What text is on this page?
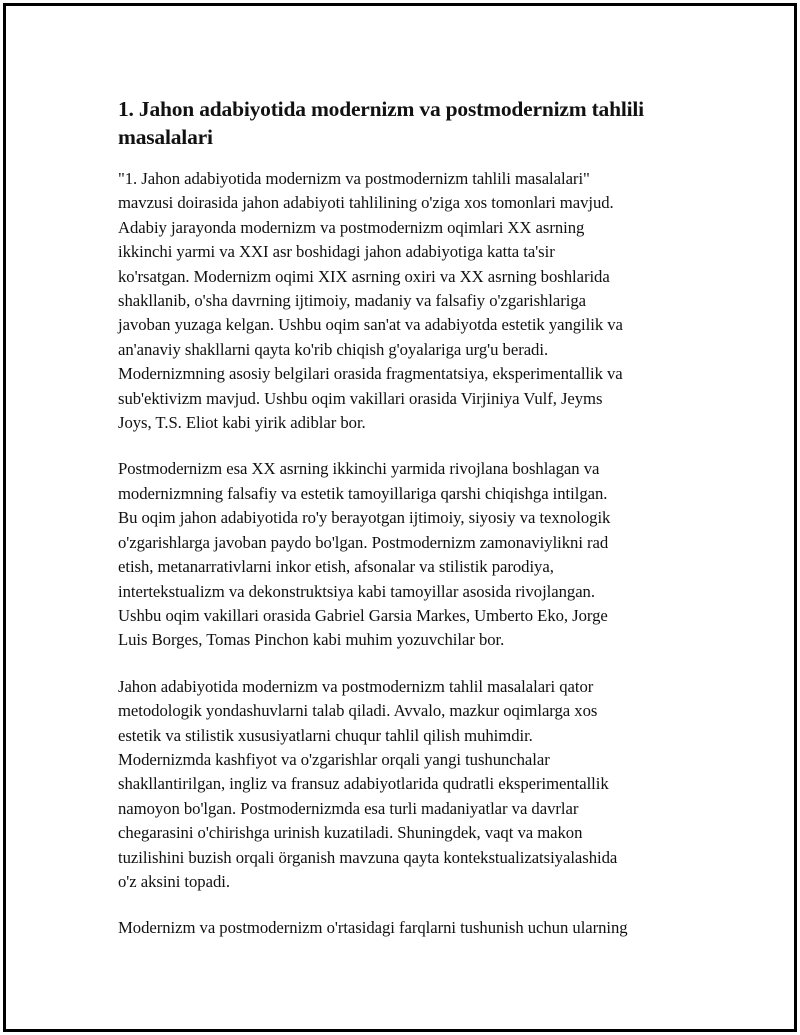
1. Jahon adabiyotida modernizm va postmodernizm tahlili masalalari

"1. Jahon adabiyotida modernizm va postmodernizm tahlili masalalari"
mavzusi doirasida jahon adabiyoti tahlilining o'ziga xos tomonlari mavjud.
Adabiy jarayonda modernizm va postmodernizm oqimlari XX asrning
ikkinchi yarmi va XXI asr boshidagi jahon adabiyotiga katta ta'sir
ko'rsatgan. Modernizm oqimi XIX asrning oxiri va XX asrning boshlarida
shakllanib, o'sha davrning ijtimoiy, madaniy va falsafiy o'zgarishlariga
javoban yuzaga kelgan. Ushbu oqim san'at va adabiyotda estetik yangilik va
an'anaviy shakllarni qayta ko'rib chiqish g'oyalariga urg'u beradi.
Modernizmning asosiy belgilari orasida fragmentatsiya, eksperimentallik va
sub'ektivizm mavjud. Ushbu oqim vakillari orasida Virjiniya Vulf, Jeyms
Joys, T.S. Eliot kabi yirik adiblar bor.

Postmodernizm esa XX asrning ikkinchi yarmida rivojlana boshlagan va
modernizmning falsafiy va estetik tamoyillariga qarshi chiqishga intilgan.
Bu oqim jahon adabiyotida ro'y berayotgan ijtimoiy, siyosiy va texnologik
o'zgarishlarga javoban paydo bo'lgan. Postmodernizm zamonaviylikni rad
etish, metanarrativlarni inkor etish, afsonalar va stilistik parodiya,
intertekstualizm va dekonstruktsiya kabi tamoyillar asosida rivojlangan.
Ushbu oqim vakillari orasida Gabriel Garsia Markes, Umberto Eko, Jorge
Luis Borges, Tomas Pinchon kabi muhim yozuvchilar bor.

Jahon adabiyotida modernizm va postmodernizm tahlil masalalari qator
metodologik yondashuvlarni talab qiladi. Avvalo, mazkur oqimlarga xos
estetik va stilistik xususiyatlarni chuqur tahlil qilish muhimdir.
Modernizmda kashfiyot va o'zgarishlar orqali yangi tushunchalar
shakllantirilgan, ingliz va fransuz adabiyotlarida qudratli eksperimentallik
namoyon bo'lgan. Postmodernizmda esa turli madaniyatlar va davrlar
chegarasini o'chirishga urinish kuzatiladi. Shuningdek, vaqt va makon
tuzilishini buzish orqali örganish mavzuna qayta kontekstualizatsiyalashida
o'z aksini topadi.

Modernizm va postmodernizm o'rtasidagi farqlarni tushunish uchun ularning
